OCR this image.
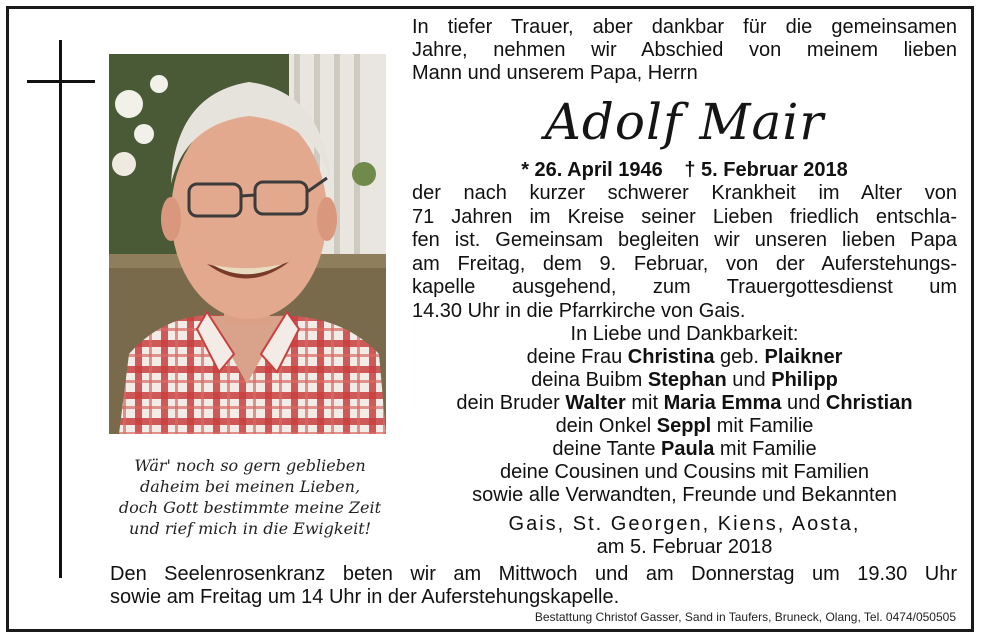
Wär' noch so gern geblieben
daheim bei meinen Lieben,
doch Gott bestimmte meine Zeit
und rief mich in die Ewigkeit!
In tiefer Trauer, aber dankbar für die gemeinsamen
Jahre, nehmen wir Abschied von meinem lieben
Mann und unserem Papa, Herrn
Adolf Mair
* 26. April 1946 † 5. Februar 2018
der nach kurzer schwerer Krankheit im Alter von
71 Jahren im Kreise seiner Lieben friedlich entschla-
fen ist. Gemeinsam begleiten wir unseren lieben Papa
am Freitag, dem 9. Februar, von der Auferstehungs-
kapelle ausgehend, zum Trauergottesdienst um
14.30 Uhr in die Pfarrkirche von Gais.
In Liebe und Dankbarkeit:
deine Frau Christina geb. Plaikner
deina Buibm Stephan und Philipp
dein Bruder Walter mit Maria Emma und Christian
dein Onkel Seppl mit Familie
deine Tante Paula mit Familie
deine Cousinen und Cousins mit Familien
sowie alle Verwandten, Freunde und Bekannten
Gais, St. Georgen, Kiens, Aosta,
am 5. Februar 2018
Den Seelenrosenkranz beten wir am Mittwoch und am Donnerstag um 19.30 Uhr
sowie am Freitag um 14 Uhr in der Auferstehungskapelle.
Bestattung Christof Gasser, Sand in Taufers, Bruneck, Olang, Tel. 0474/050505
